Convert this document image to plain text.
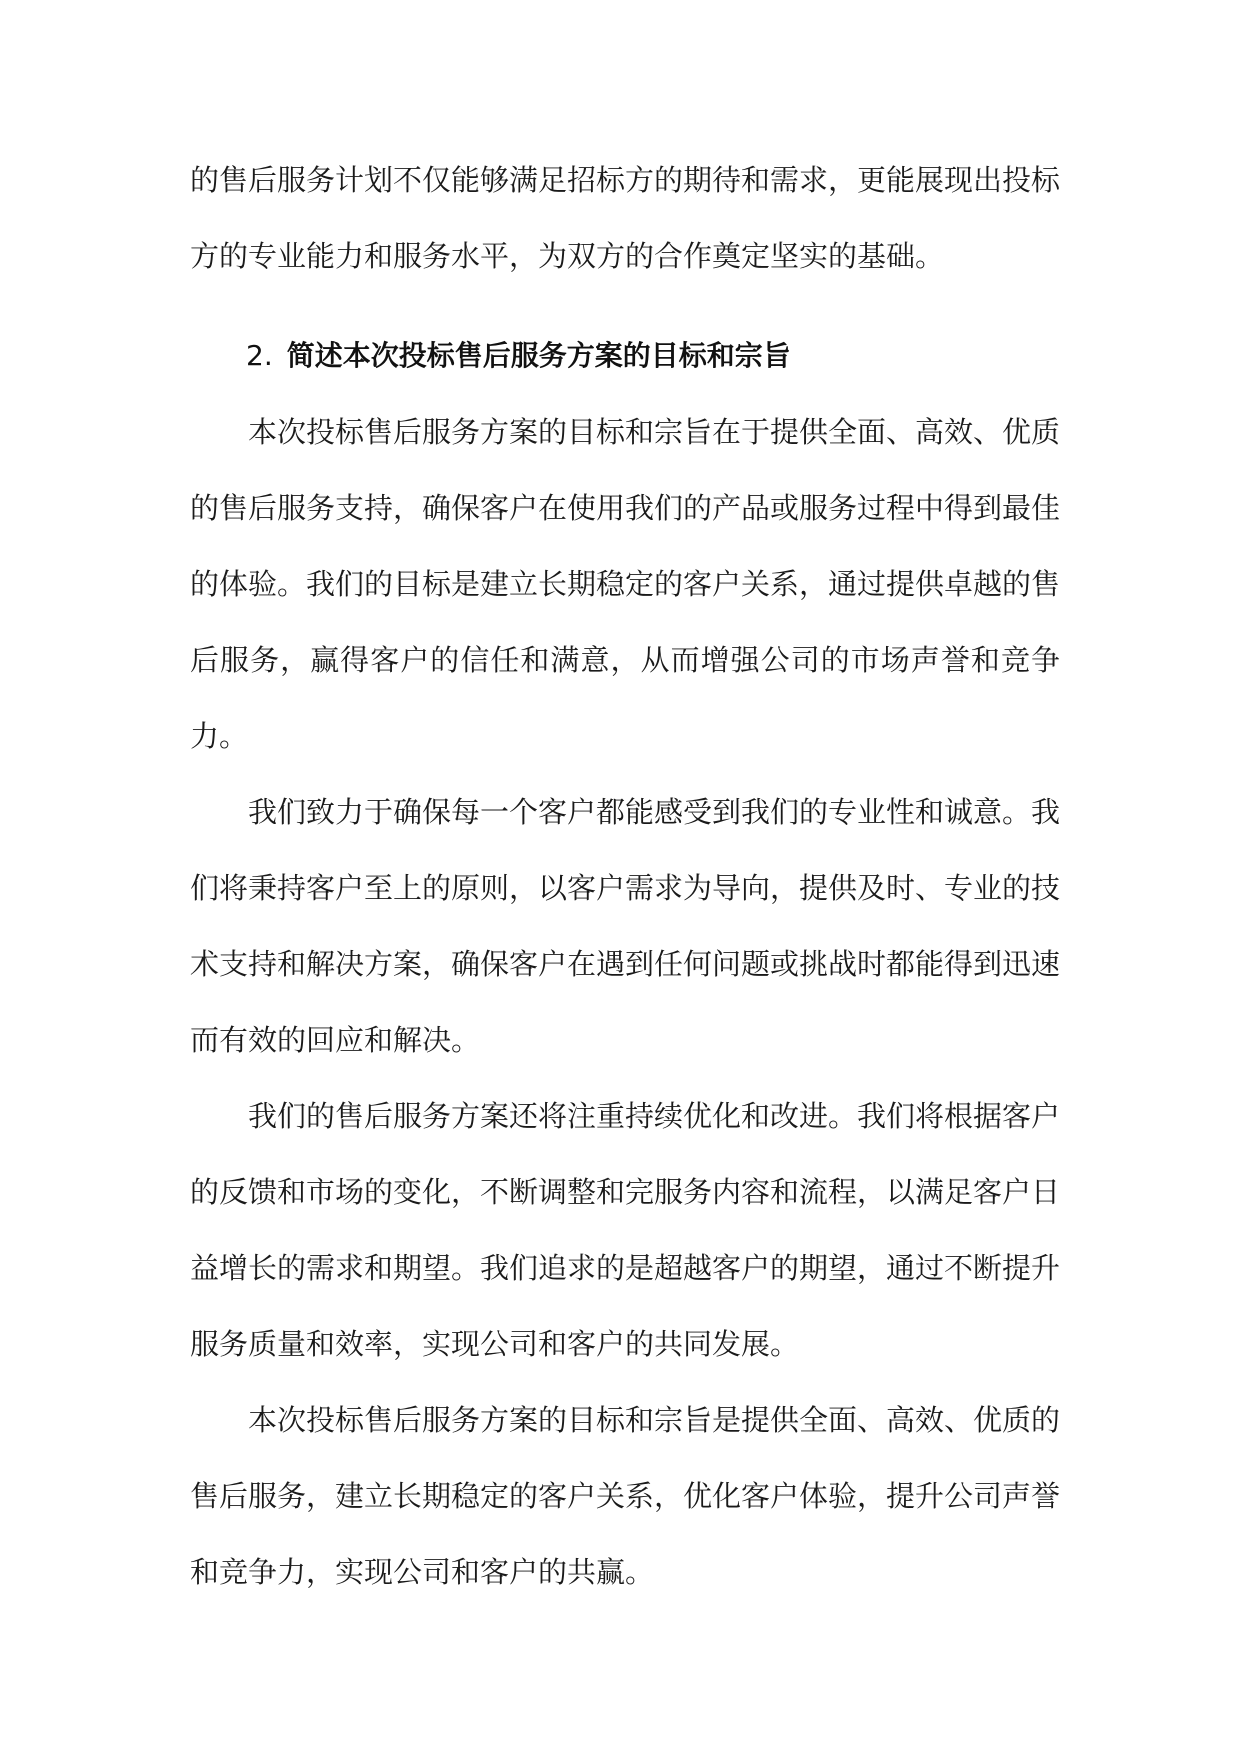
的售后服务计划不仅能够满足招标方的期待和需求，更能展现出投标方的专业能力和服务水平，为双方的合作奠定坚实的基础。

2. 简述本次投标售后服务方案的目标和宗旨

本次投标售后服务方案的目标和宗旨在于提供全面、高效、优质的售后服务支持，确保客户在使用我们的产品或服务过程中得到最佳的体验。我们的目标是建立长期稳定的客户关系，通过提供卓越的售后服务，赢得客户的信任和满意，从而增强公司的市场声誉和竞争力。

我们致力于确保每一个客户都能感受到我们的专业性和诚意。我们将秉持客户至上的原则，以客户需求为导向，提供及时、专业的技术支持和解决方案，确保客户在遇到任何问题或挑战时都能得到迅速而有效的回应和解决。

我们的售后服务方案还将注重持续优化和改进。我们将根据客户的反馈和市场的变化，不断调整和完服务内容和流程，以满足客户日益增长的需求和期望。我们追求的是超越客户的期望，通过不断提升服务质量和效率，实现公司和客户的共同发展。

本次投标售后服务方案的目标和宗旨是提供全面、高效、优质的售后服务，建立长期稳定的客户关系，优化客户体验，提升公司声誉和竞争力，实现公司和客户的共赢。
